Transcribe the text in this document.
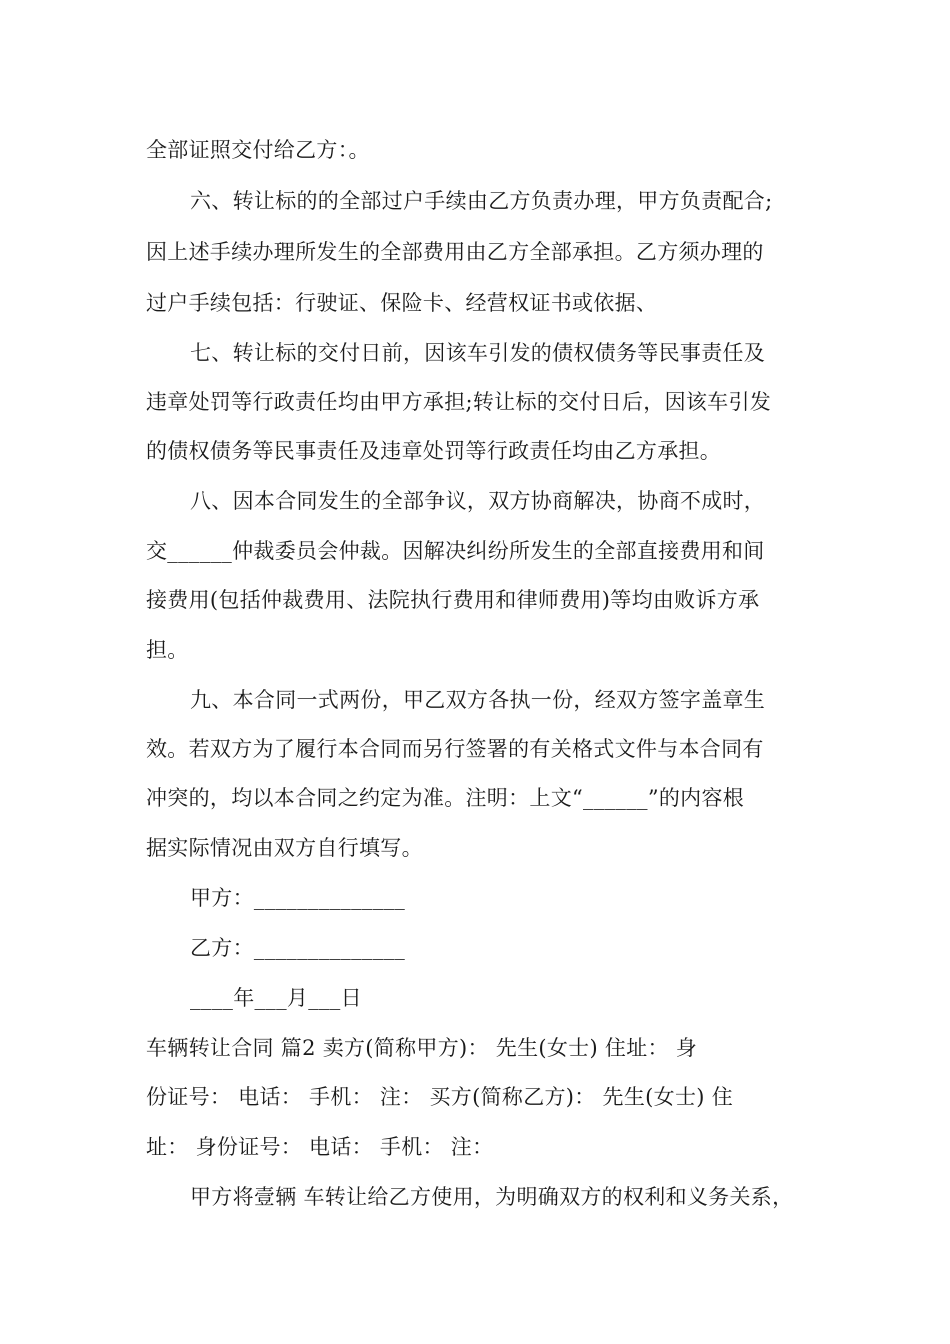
全部证照交付给乙方：。
六、转让标的的全部过户手续由乙方负责办理，甲方负责配合;
因上述手续办理所发生的全部费用由乙方全部承担。乙方须办理的
过户手续包括：行驶证、保险卡、经营权证书或依据、
七、转让标的交付日前，因该车引发的债权债务等民事责任及
违章处罚等行政责任均由甲方承担;转让标的交付日后，因该车引发
的债权债务等民事责任及违章处罚等行政责任均由乙方承担。
八、因本合同发生的全部争议，双方协商解决，协商不成时，
交______仲裁委员会仲裁。因解决纠纷所发生的全部直接费用和间
接费用(包括仲裁费用、法院执行费用和律师费用)等均由败诉方承
担。
九、本合同一式两份，甲乙双方各执一份，经双方签字盖章生
效。若双方为了履行本合同而另行签署的有关格式文件与本合同有
冲突的，均以本合同之约定为准。注明：上文“______”的内容根
据实际情况由双方自行填写。
甲方：______________
乙方：______________
____年___月___日
车辆转让合同 篇2 卖方(简称甲方)： 先生(女士) 住址： 身
份证号： 电话： 手机： 注： 买方(简称乙方)： 先生(女士) 住
址： 身份证号： 电话： 手机： 注：
甲方将壹辆 车转让给乙方使用，为明确双方的权利和义务关系，
